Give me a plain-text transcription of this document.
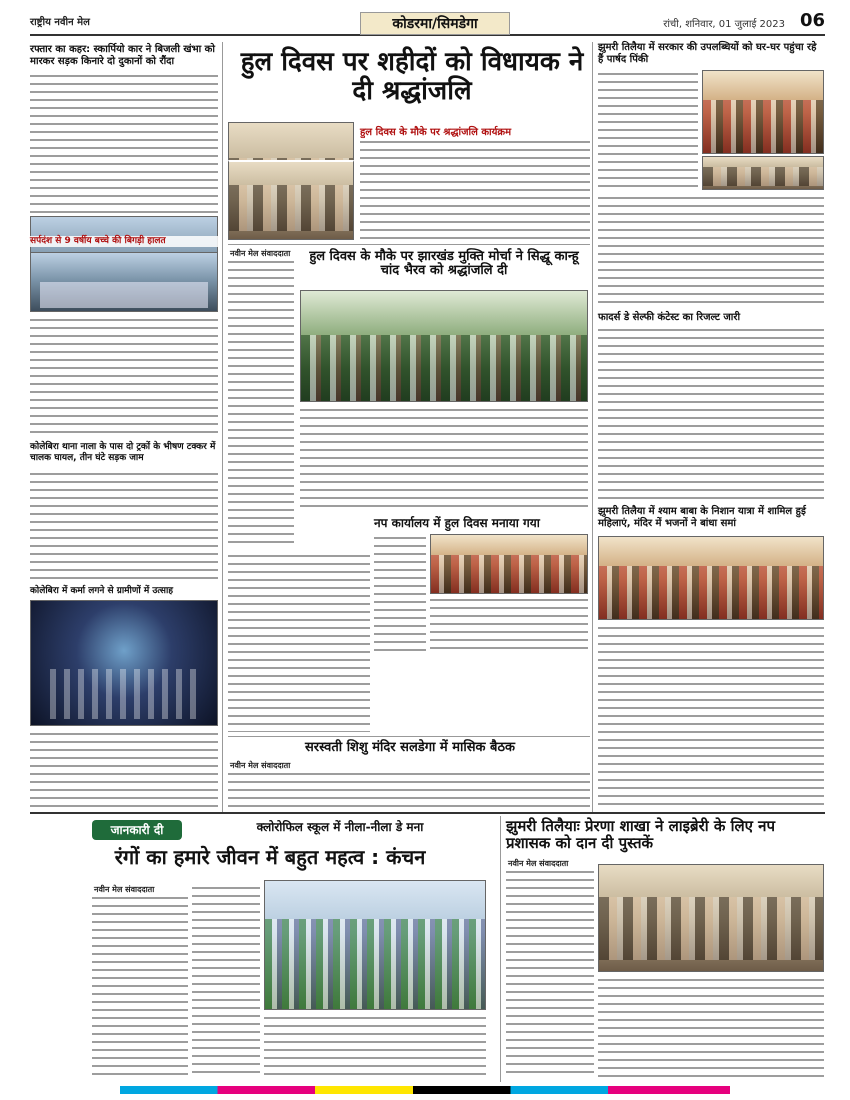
राष्ट्रीय नवीन मेल	कोडरमा/सिमडेगा	रांची, शनिवार, 01 जुलाई 2023 06
रफ्तार का कहर: स्कार्पियो कार ने बिजली खंभा को मारकर सड़क किनारे दो दुकानों को रौंदा
सर्पदंश से 9 वर्षीय बच्चे की बिगड़ी हालत
कोलेबिरा थाना नाला के पास दो ट्रकों के भीषण टक्कर में चालक घायल, तीन घंटे सड़क जाम
कोलेबिरा में कर्मा लगने से ग्रामीणों में उत्साह
हुल दिवस पर शहीदों को विधायक ने दी श्रद्धांजलि
हुल दिवस के मौके पर श्रद्धांजलि कार्यक्रम
नवीन मेल संवाददाता	हुल दिवस के मौके पर झारखंड मुक्ति मोर्चा ने सिद्धू कान्हू चांद भैरव को श्रद्धांजलि दी
नप कार्यालय में हुल दिवस मनाया गया
सरस्वती शिशु मंदिर सलडेगा में मासिक बैठक
नवीन मेल संवाददाता
झुमरी तिलैया में सरकार की उपलब्धियों को घर-घर पहुंचा रहे हैं पार्षद पिंकी
फादर्स डे सेल्फी कंटेस्ट का रिजल्ट जारी
झुमरी तिलैया में श्याम बाबा के निशान यात्रा में शामिल हुई महिलाएं, मंदिर में भजनों ने बांधा समां
जानकारी दी	क्लोरोफिल स्कूल में नीला-नीला डे मना
रंगों का हमारे जीवन में बहुत महत्व : कंचन
नवीन मेल संवाददाता
झुमरी तिलैयाः प्रेरणा शाखा ने लाइब्रेरी के लिए नप प्रशासक को दान दी पुस्तकें
नवीन मेल संवाददाता
